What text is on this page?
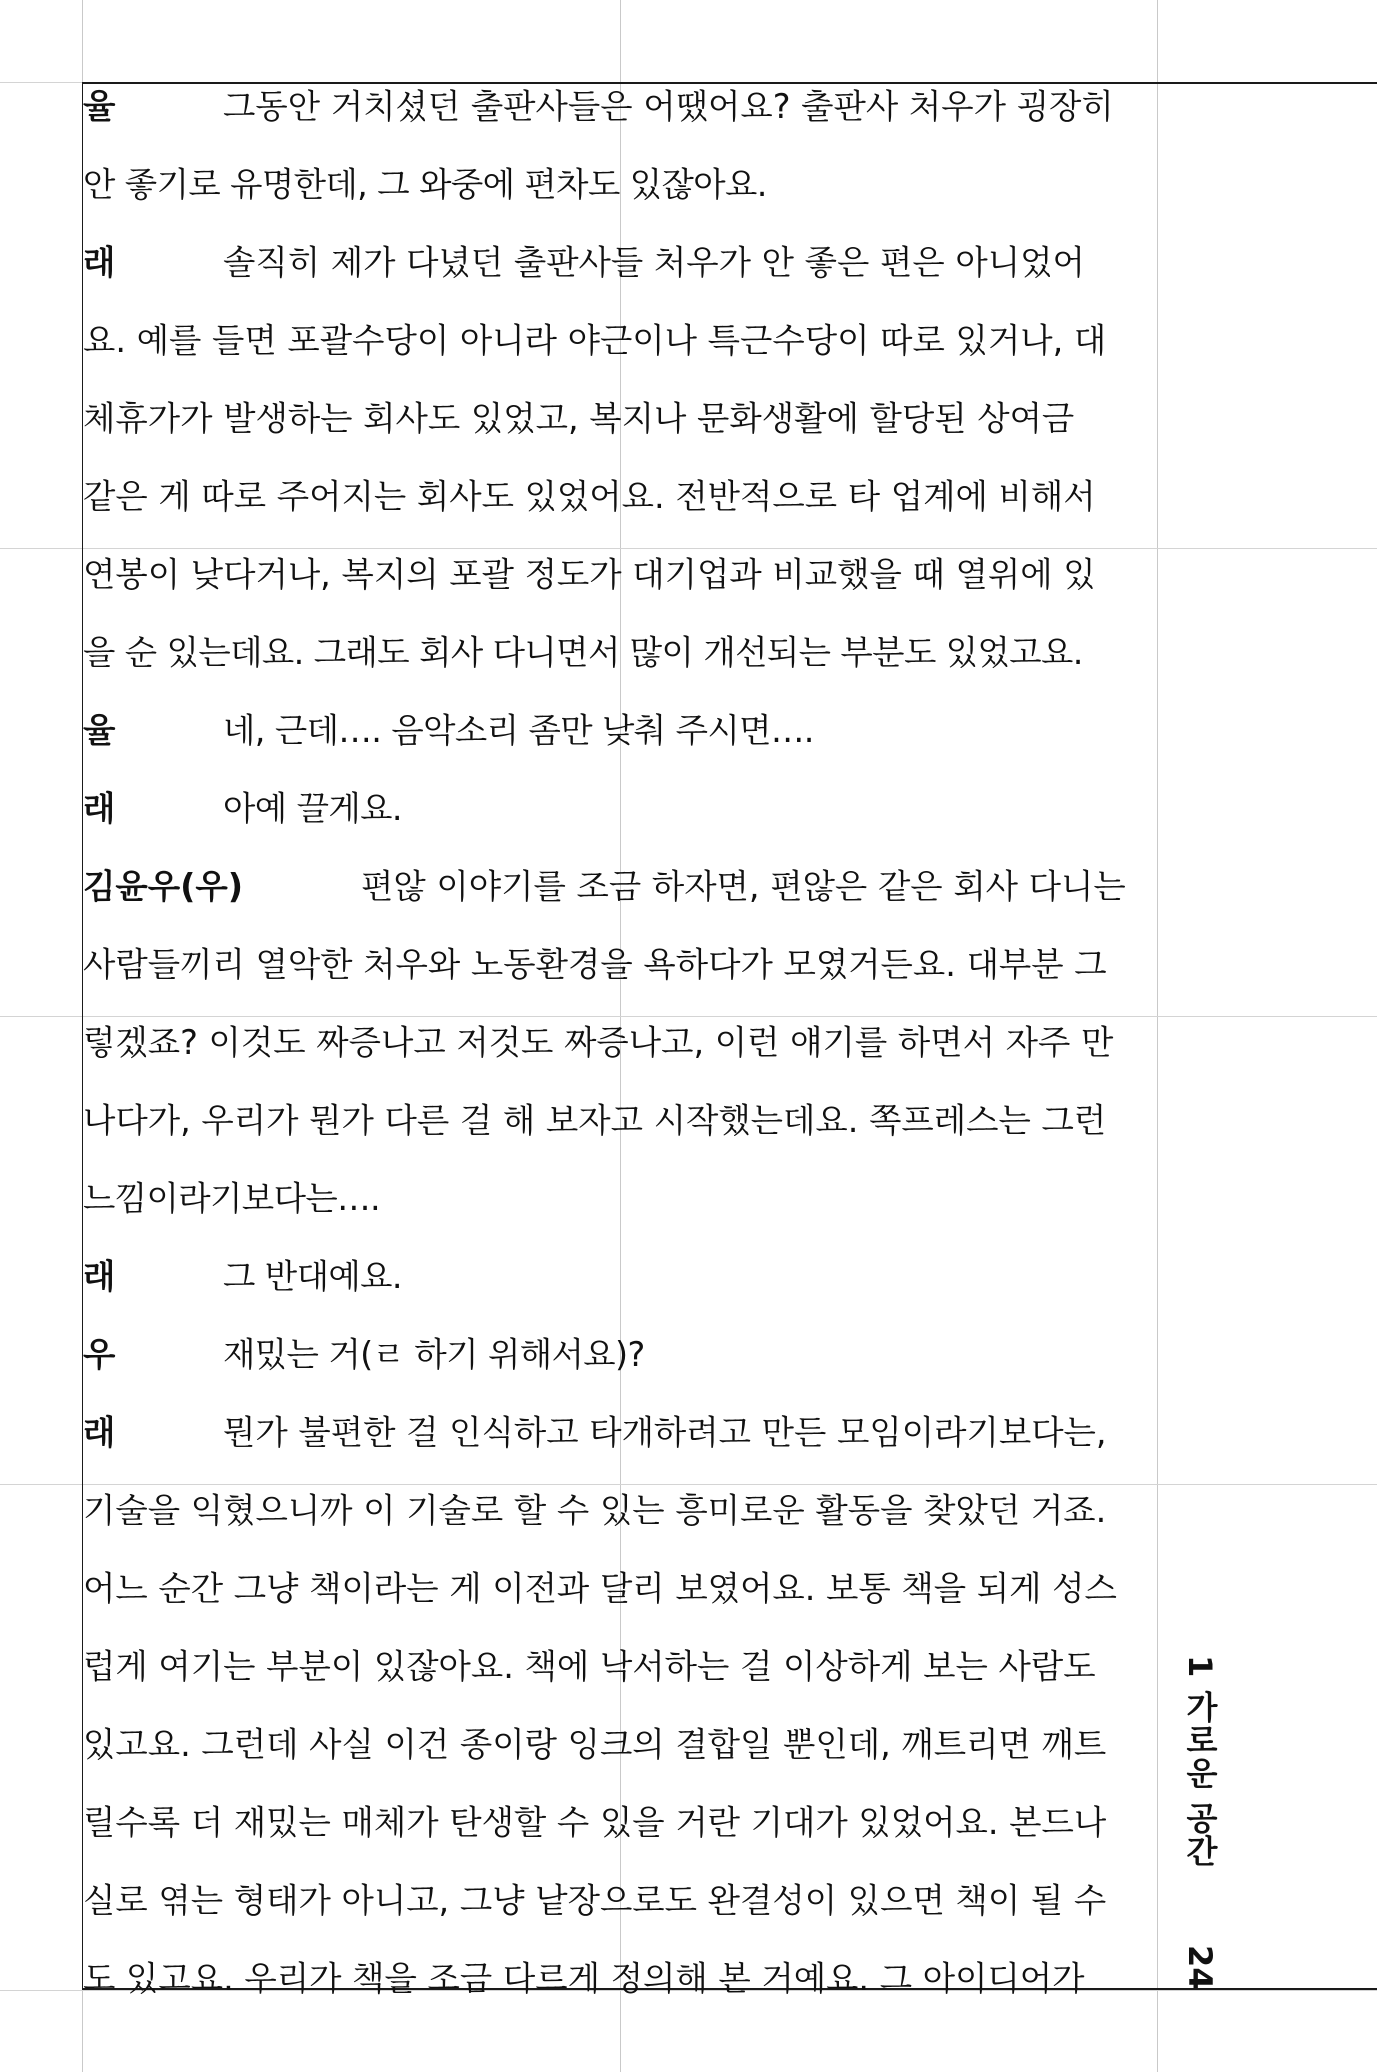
율	그동안 거치셨던 출판사들은 어땠어요? 출판사 처우가 굉장히
안 좋기로 유명한데, 그 와중에 편차도 있잖아요.
래	솔직히 제가 다녔던 출판사들 처우가 안 좋은 편은 아니었어
요. 예를 들면 포괄수당이 아니라 야근이나 특근수당이 따로 있거나, 대
체휴가가 발생하는 회사도 있었고, 복지나 문화생활에 할당된 상여금
같은 게 따로 주어지는 회사도 있었어요. 전반적으로 타 업계에 비해서
연봉이 낮다거나, 복지의 포괄 정도가 대기업과 비교했을 때 열위에 있
을 순 있는데요. 그래도 회사 다니면서 많이 개선되는 부분도 있었고요.
율	네, 근데…. 음악소리 좀만 낮춰 주시면….
래	아예 끌게요.
김윤우(우)	편않 이야기를 조금 하자면, 편않은 같은 회사 다니는
사람들끼리 열악한 처우와 노동환경을 욕하다가 모였거든요. 대부분 그
렇겠죠? 이것도 짜증나고 저것도 짜증나고, 이런 얘기를 하면서 자주 만
나다가, 우리가 뭔가 다른 걸 해 보자고 시작했는데요. 쪽프레스는 그런
느낌이라기보다는….
래	그 반대예요.
우	재밌는 거(ㄹ 하기 위해서요)?
래	뭔가 불편한 걸 인식하고 타개하려고 만든 모임이라기보다는,
기술을 익혔으니까 이 기술로 할 수 있는 흥미로운 활동을 찾았던 거죠.
어느 순간 그냥 책이라는 게 이전과 달리 보였어요. 보통 책을 되게 성스
럽게 여기는 부분이 있잖아요. 책에 낙서하는 걸 이상하게 보는 사람도
있고요. 그런데 사실 이건 종이랑 잉크의 결합일 뿐인데, 깨트리면 깨트
릴수록 더 재밌는 매체가 탄생할 수 있을 거란 기대가 있었어요. 본드나
실로 엮는 형태가 아니고, 그냥 낱장으로도 완결성이 있으면 책이 될 수
도 있고요. 우리가 책을 조금 다르게 정의해 본 거예요. 그 아이디어가
1 가로운 공간
24
